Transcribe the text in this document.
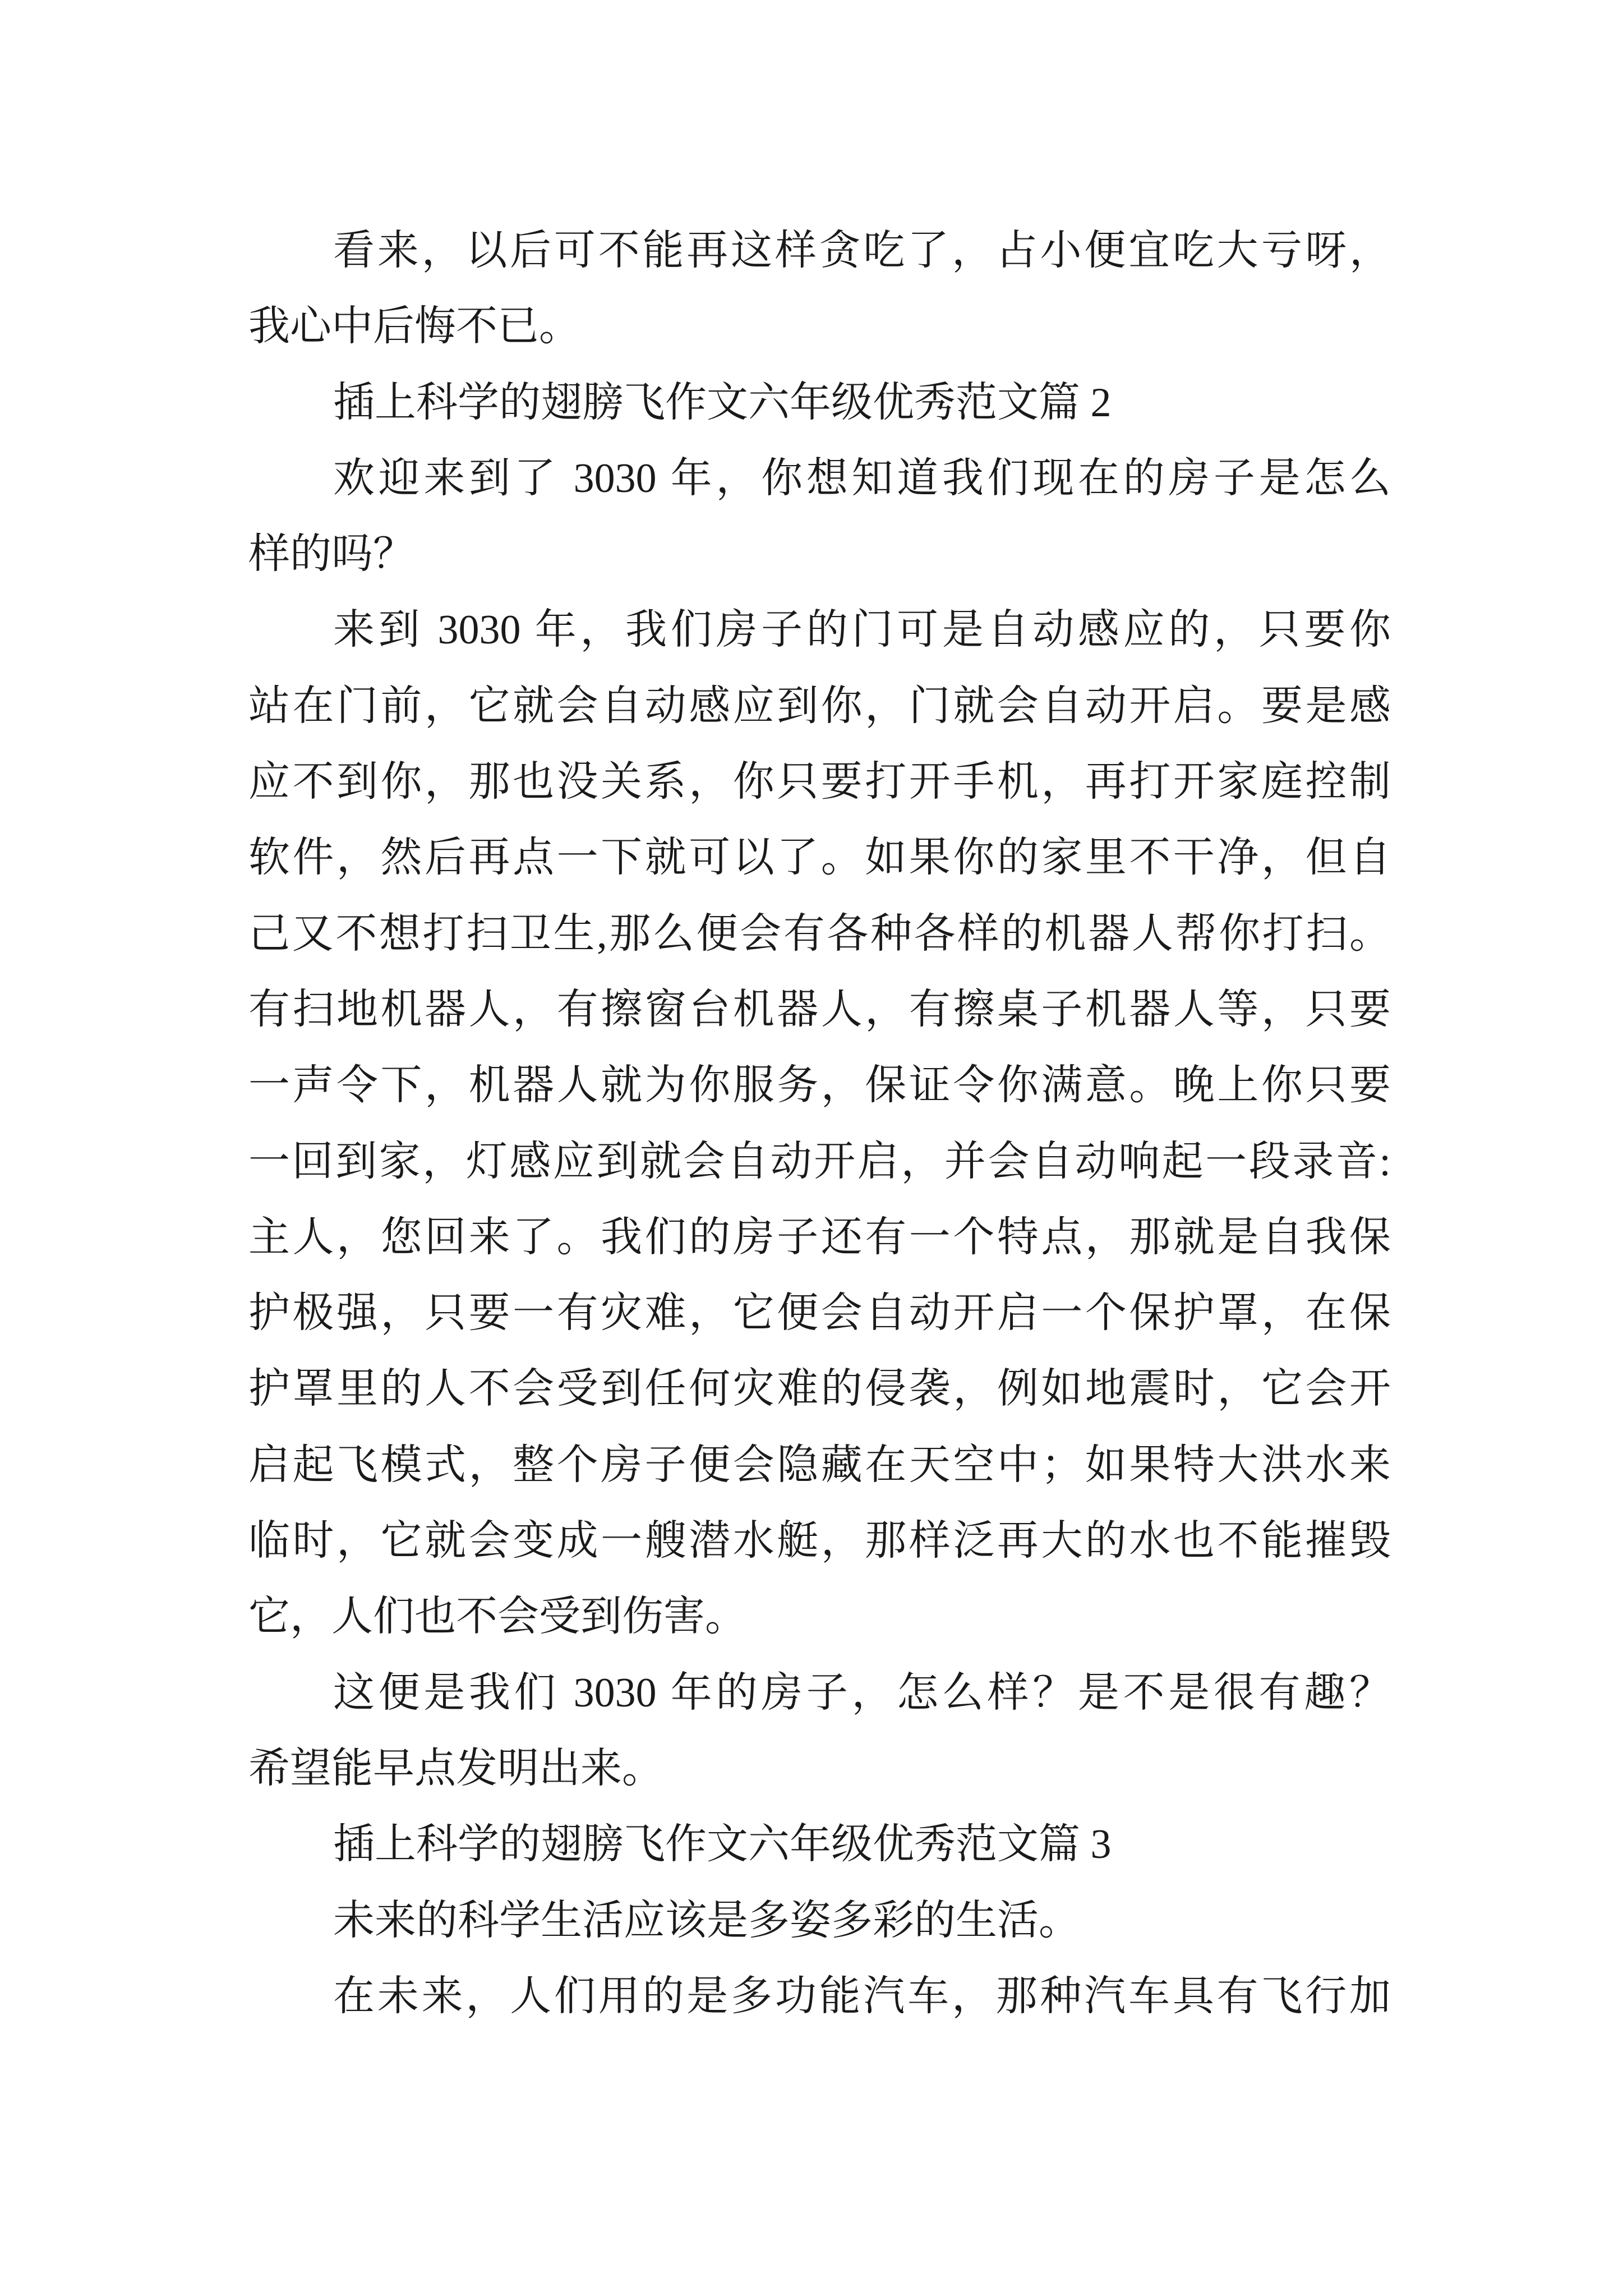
看来，以后可不能再这样贪吃了，占小便宜吃大亏呀，
我心中后悔不已。
插上科学的翅膀飞作文六年级优秀范文篇 2
欢迎来到了 3030 年，你想知道我们现在的房子是怎么
样的吗？
来到 3030 年，我们房子的门可是自动感应的，只要你
站在门前，它就会自动感应到你，门就会自动开启。要是感
应不到你，那也没关系，你只要打开手机，再打开家庭控制
软件，然后再点一下就可以了。如果你的家里不干净，但自
己又不想打扫卫生,那么便会有各种各样的机器人帮你打扫。
有扫地机器人，有擦窗台机器人，有擦桌子机器人等，只要
一声令下，机器人就为你服务，保证令你满意。晚上你只要
一回到家，灯感应到就会自动开启，并会自动响起一段录音:
主人，您回来了。我们的房子还有一个特点，那就是自我保
护极强，只要一有灾难，它便会自动开启一个保护罩，在保
护罩里的人不会受到任何灾难的侵袭，例如地震时，它会开
启起飞模式，整个房子便会隐藏在天空中；如果特大洪水来
临时，它就会变成一艘潜水艇，那样泛再大的水也不能摧毁
它，人们也不会受到伤害。
这便是我们 3030 年的房子，怎么样？是不是很有趣？
希望能早点发明出来。
插上科学的翅膀飞作文六年级优秀范文篇 3
未来的科学生活应该是多姿多彩的生活。
在未来，人们用的是多功能汽车，那种汽车具有飞行加
